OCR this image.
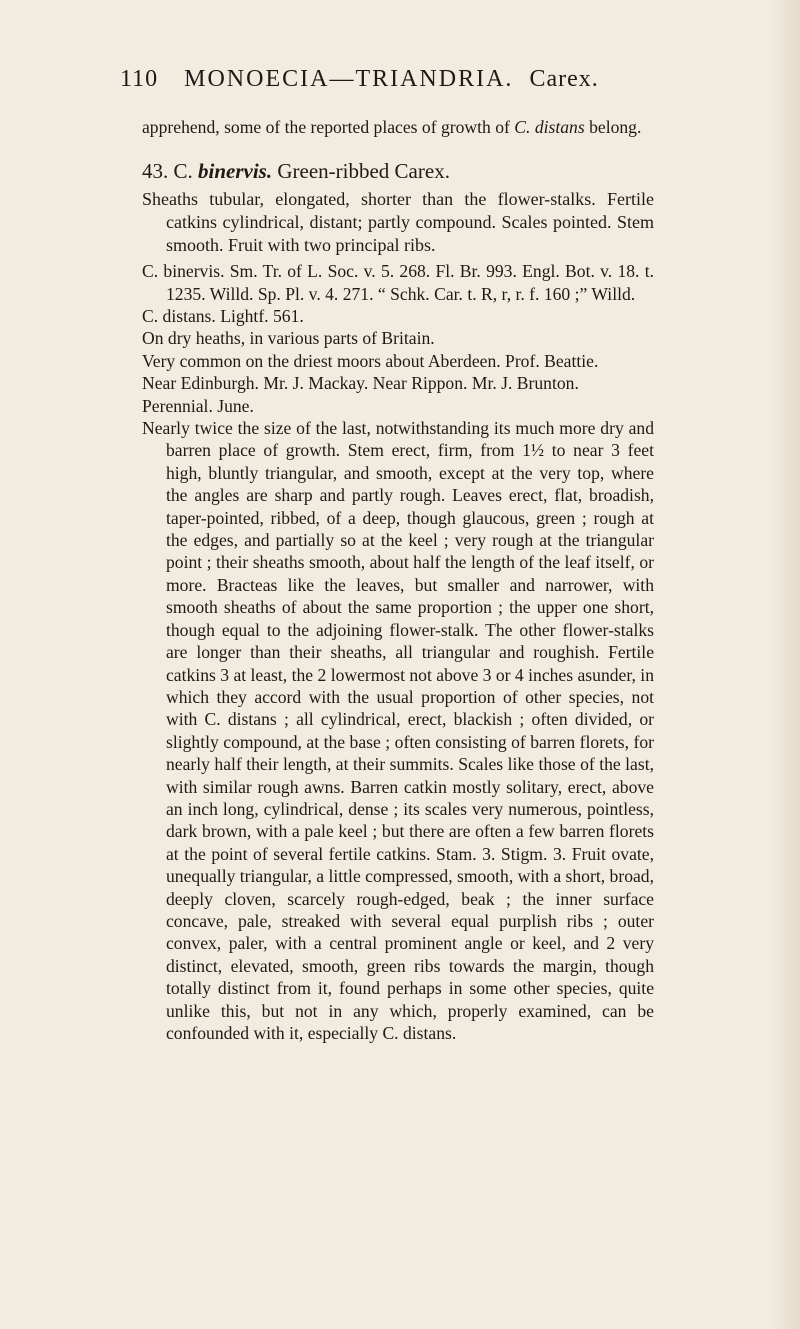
110 MONOECIA—TRIANDRIA. Carex.

apprehend, some of the reported places of growth of C. distans belong.

43. C. binervis. Green-ribbed Carex.

Sheaths tubular, elongated, shorter than the flower-stalks. Fertile catkins cylindrical, distant; partly compound. Scales pointed. Stem smooth. Fruit with two principal ribs.

C. binervis. Sm. Tr. of L. Soc. v. 5. 268. Fl. Br. 993. Engl. Bot. v. 18. t. 1235. Willd. Sp. Pl. v. 4. 271. “ Schk. Car. t. R, r, r. f. 160 ;” Willd.

C. distans. Lightf. 561.

On dry heaths, in various parts of Britain.

Very common on the driest moors about Aberdeen. Prof. Beattie.

Near Edinburgh. Mr. J. Mackay. Near Rippon. Mr. J. Brunton.

Perennial. June.

Nearly twice the size of the last, notwithstanding its much more dry and barren place of growth. Stem erect, firm, from 1½ to near 3 feet high, bluntly triangular, and smooth, except at the very top, where the angles are sharp and partly rough. Leaves erect, flat, broadish, taper-pointed, ribbed, of a deep, though glaucous, green ; rough at the edges, and partially so at the keel ; very rough at the triangular point ; their sheaths smooth, about half the length of the leaf itself, or more. Bracteas like the leaves, but smaller and narrower, with smooth sheaths of about the same proportion ; the upper one short, though equal to the adjoining flower-stalk. The other flower-stalks are longer than their sheaths, all triangular and roughish. Fertile catkins 3 at least, the 2 lowermost not above 3 or 4 inches asunder, in which they accord with the usual proportion of other species, not with C. distans ; all cylindrical, erect, blackish ; often divided, or slightly compound, at the base ; often consisting of barren florets, for nearly half their length, at their summits. Scales like those of the last, with similar rough awns. Barren catkin mostly solitary, erect, above an inch long, cylindrical, dense ; its scales very numerous, pointless, dark brown, with a pale keel ; but there are often a few barren florets at the point of several fertile catkins. Stam. 3. Stigm. 3. Fruit ovate, unequally triangular, a little compressed, smooth, with a short, broad, deeply cloven, scarcely rough-edged, beak ; the inner surface concave, pale, streaked with several equal purplish ribs ; outer convex, paler, with a central prominent angle or keel, and 2 very distinct, elevated, smooth, green ribs towards the margin, though totally distinct from it, found perhaps in some other species, quite unlike this, but not in any which, properly examined, can be confounded with it, especially C. distans.
